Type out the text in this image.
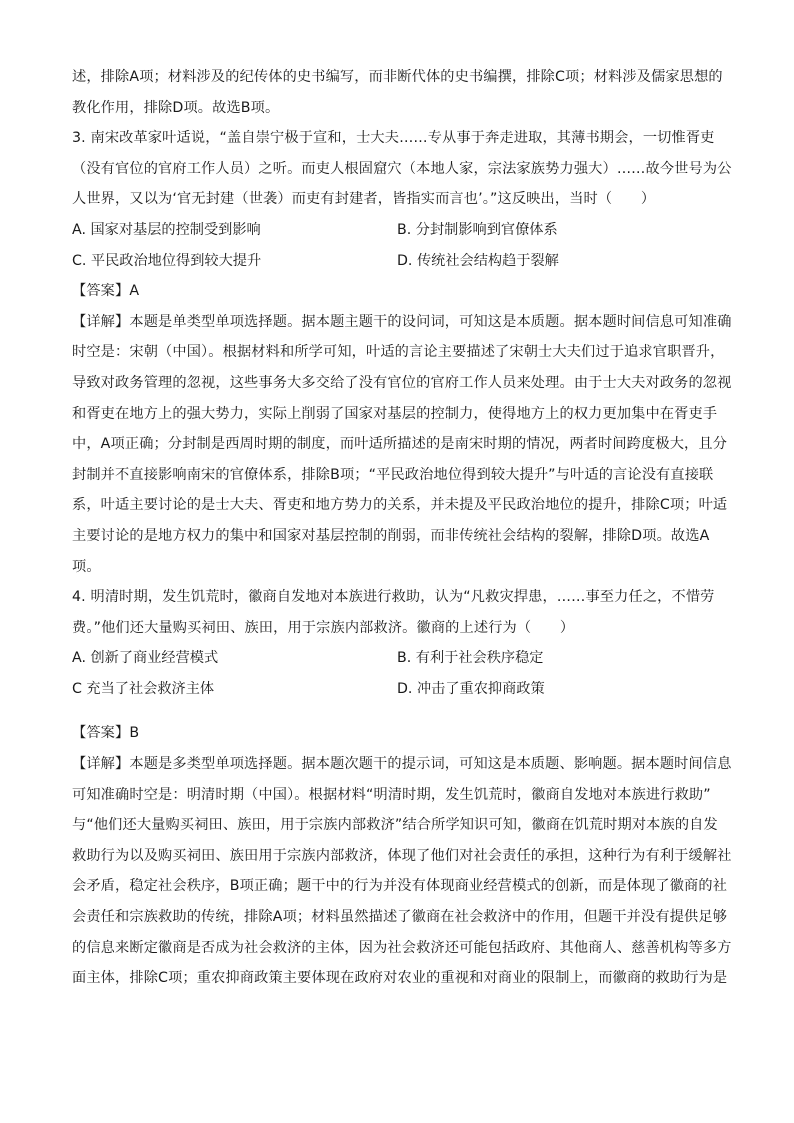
述，排除A项；材料涉及的纪传体的史书编写，而非断代体的史书编撰，排除C项；材料涉及儒家思想的
教化作用，排除D项。故选B项。
3. 南宋改革家叶适说，“盖自崇宁极于宣和，士大夫……专从事于奔走进取，其薄书期会，一切惟胥吏
（没有官位的官府工作人员）之听。而吏人根固窟穴（本地人家，宗法家族势力强大）……故今世号为公
人世界，又以为‘官无封建（世袭）而吏有封建者，皆指实而言也’。”这反映出，当时（　　）
A. 国家对基层的控制受到影响	B. 分封制影响到官僚体系
C. 平民政治地位得到较大提升	D. 传统社会结构趋于裂解
【答案】A
【详解】本题是单类型单项选择题。据本题主题干的设问词，可知这是本质题。据本题时间信息可知准确
时空是：宋朝（中国）。根据材料和所学可知，叶适的言论主要描述了宋朝士大夫们过于追求官职晋升，
导致对政务管理的忽视，这些事务大多交给了没有官位的官府工作人员来处理。由于士大夫对政务的忽视
和胥吏在地方上的强大势力，实际上削弱了国家对基层的控制力，使得地方上的权力更加集中在胥吏手
中，A项正确；分封制是西周时期的制度，而叶适所描述的是南宋时期的情况，两者时间跨度极大，且分
封制并不直接影响南宋的官僚体系，排除B项；“平民政治地位得到较大提升”与叶适的言论没有直接联
系，叶适主要讨论的是士大夫、胥吏和地方势力的关系，并未提及平民政治地位的提升，排除C项；叶适
主要讨论的是地方权力的集中和国家对基层控制的削弱，而非传统社会结构的裂解，排除D项。故选A
项。
4. 明清时期，发生饥荒时，徽商自发地对本族进行救助，认为“凡救灾捍患，……事至力任之，不惜劳
费。”他们还大量购买祠田、族田，用于宗族内部救济。徽商的上述行为（　　）
A. 创新了商业经营模式	B. 有利于社会秩序稳定
C 充当了社会救济主体	D. 冲击了重农抑商政策
【答案】B
【详解】本题是多类型单项选择题。据本题次题干的提示词，可知这是本质题、影响题。据本题时间信息
可知准确时空是：明清时期（中国）。根据材料“明清时期，发生饥荒时，徽商自发地对本族进行救助”
与“他们还大量购买祠田、族田，用于宗族内部救济”结合所学知识可知，徽商在饥荒时期对本族的自发
救助行为以及购买祠田、族田用于宗族内部救济，体现了他们对社会责任的承担，这种行为有利于缓解社
会矛盾，稳定社会秩序，B项正确；题干中的行为并没有体现商业经营模式的创新，而是体现了徽商的社
会责任和宗族救助的传统，排除A项；材料虽然描述了徽商在社会救济中的作用，但题干并没有提供足够
的信息来断定徽商是否成为社会救济的主体，因为社会救济还可能包括政府、其他商人、慈善机构等多方
面主体，排除C项；重农抑商政策主要体现在政府对农业的重视和对商业的限制上，而徽商的救助行为是
